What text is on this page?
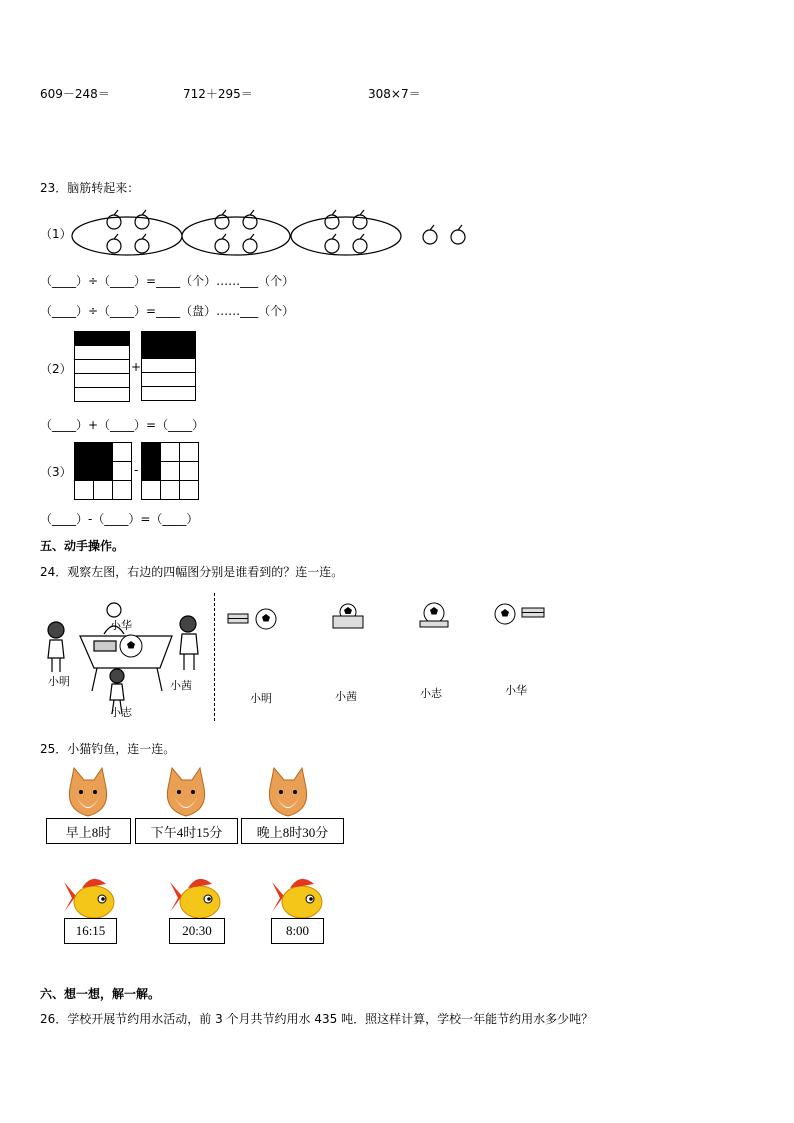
609－248＝	712＋295＝	308×7＝
23．脑筋转起来：
（1）
（____）÷（____）=____（个）……___（个）
（____）÷（____）=____（盘）……___（个）
（2）	+

（____）+（____）=（____）
（3）

			-

（____）-（____）=（____）
五、动手操作。
24．观察左图，右边的四幅图分别是谁看到的？连一连。
小华
小明	小茜
小志
小明	小茜	小志	小华
25．小猫钓鱼，连一连。
早上8时	下午4时15分	晚上8时30分
16:15	20:30	8:00
六、想一想，解一解。
26．学校开展节约用水活动，前 3 个月共节约用水 435 吨．照这样计算，学校一年能节约用水多少吨？
